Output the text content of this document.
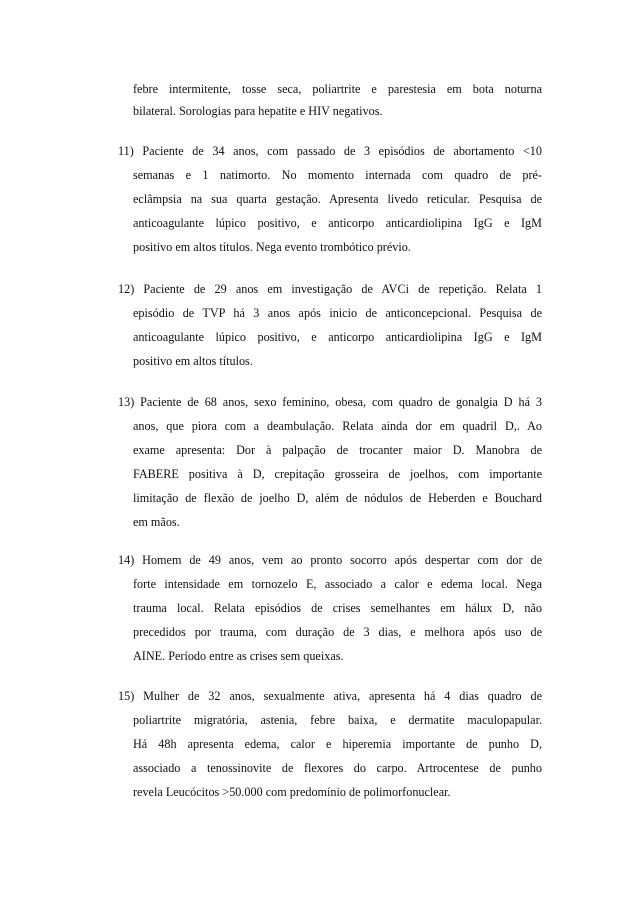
febre intermitente, tosse seca, poliartrite e parestesia em bota noturna
bilateral. Sorologias para hepatite e HIV negativos.
11) Paciente de 34 anos, com passado de 3 episódios de abortamento <10
semanas e 1 natimorto. No momento internada com quadro de pré-
eclâmpsia na sua quarta gestação. Apresenta livedo reticular. Pesquisa de
anticoagulante lúpico positivo, e anticorpo anticardiolipina IgG e IgM
positivo em altos títulos. Nega evento trombótico prévio.
12) Paciente de 29 anos em investigação de AVCi de repetição. Relata 1
episódio de TVP há 3 anos após inicio de anticoncepcional. Pesquisa de
anticoagulante lúpico positivo, e anticorpo anticardiolipina IgG e IgM
positivo em altos títulos.
13) Paciente de 68 anos, sexo feminino, obesa, com quadro de gonalgia D há 3
anos, que piora com a deambulação. Relata ainda dor em quadril D,. Ao
exame apresenta: Dor à palpação de trocanter maior D. Manobra de
FABERE positiva à D, crepitação grosseira de joelhos, com importante
limitação de flexão de joelho D, além de nódulos de Heberden e Bouchard
em mãos.
14) Homem de 49 anos, vem ao pronto socorro após despertar com dor de
forte intensidade em tornozelo E, associado a calor e edema local. Nega
trauma local. Relata episódios de crises semelhantes em hálux D, não
precedidos por trauma, com duração de 3 dias, e melhora após uso de
AINE. Período entre as crises sem queixas.
15) Mulher de 32 anos, sexualmente ativa, apresenta há 4 dias quadro de
poliartrite migratória, astenia, febre baixa, e dermatite maculopapular.
Há 48h apresenta edema, calor e hiperemia importante de punho D,
associado a tenossinovite de flexores do carpo. Artrocentese de punho
revela Leucócitos >50.000 com predomínio de polimorfonuclear.
